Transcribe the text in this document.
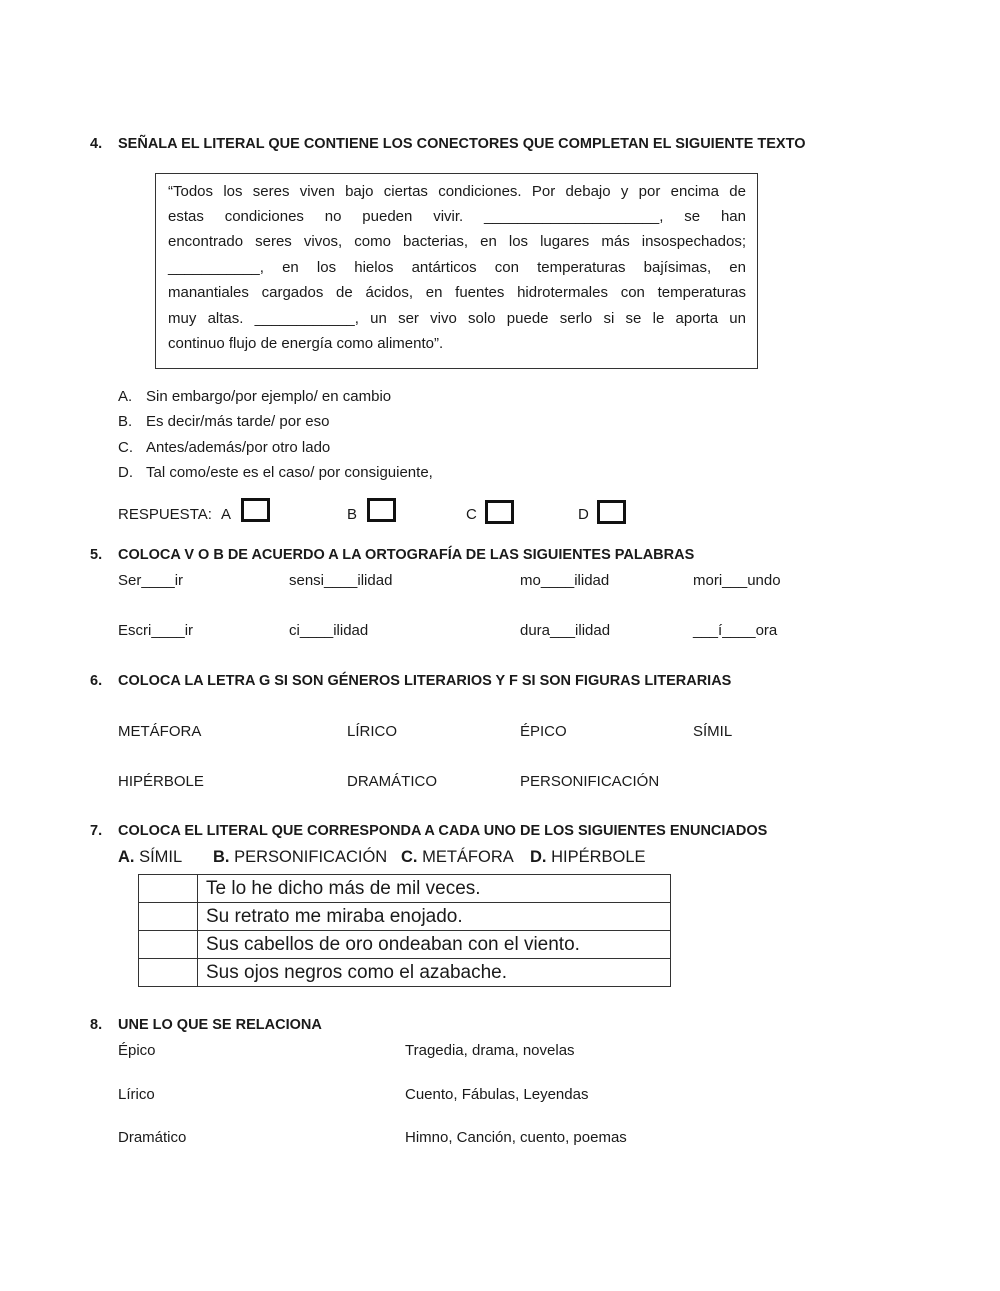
4. SEÑALA EL LITERAL QUE CONTIENE LOS CONECTORES QUE COMPLETAN EL SIGUIENTE TEXTO
“Todos los seres viven bajo ciertas condiciones. Por debajo y por encima de
estas condiciones no pueden vivir. _____________________, se han
encontrado seres vivos, como bacterias, en los lugares más insospechados;
___________, en los hielos antárticos con temperaturas bajísimas, en
manantiales cargados de ácidos, en fuentes hidrotermales con temperaturas
muy altas. ____________, un ser vivo solo puede serlo si se le aporta un
continuo flujo de energía como alimento”.
A. Sin embargo/por ejemplo/ en cambio
B. Es decir/más tarde/ por eso
C. Antes/además/por otro lado
D. Tal como/este es el caso/ por consiguiente,
RESPUESTA: A	B	C	D
5. COLOCA V O B DE ACUERDO A LA ORTOGRAFÍA DE LAS SIGUIENTES PALABRAS
Ser____ir	sensi____ilidad	mo____ilidad	mori___undo
Escri____ir	ci____ilidad	dura___ilidad	___í____ora
6. COLOCA LA LETRA G SI SON GÉNEROS LITERARIOS Y F SI SON FIGURAS LITERARIAS
METÁFORA	LÍRICO	ÉPICO	SÍMIL
HIPÉRBOLE	DRAMÁTICO	PERSONIFICACIÓN
7. COLOCA EL LITERAL QUE CORRESPONDA A CADA UNO DE LOS SIGUIENTES ENUNCIADOS
A. SÍMIL B. PERSONIFICACIÓN C. METÁFORA D. HIPÉRBOLE
	Te lo he dicho más de mil veces.
	Su retrato me miraba enojado.
	Sus cabellos de oro ondeaban con el viento.
	Sus ojos negros como el azabache.
8. UNE LO QUE SE RELACIONA
Épico	Tragedia, drama, novelas
Lírico	Cuento, Fábulas, Leyendas
Dramático	Himno, Canción, cuento, poemas
